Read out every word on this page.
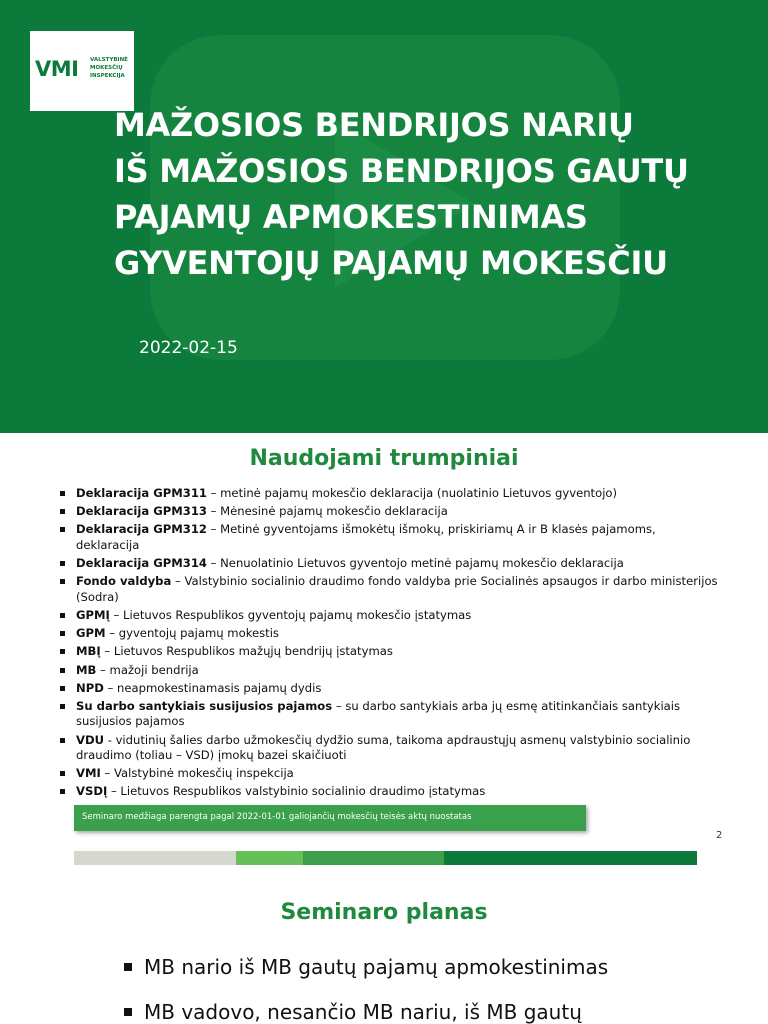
VMI VALSTYBINĖ
MOKESČIŲ
INSPEKCIJA
MAŽOSIOS BENDRIJOS NARIŲ
IŠ MAŽOSIOS BENDRIJOS GAUTŲ
PAJAMŲ APMOKESTINIMAS
GYVENTOJŲ PAJAMŲ MOKESČIU
2022-02-15
Naudojami trumpiniai
Deklaracija GPM311 – metinė pajamų mokesčio deklaracija (nuolatinio Lietuvos gyventojo)
Deklaracija GPM313 – Mėnesinė pajamų mokesčio deklaracija
Deklaracija GPM312 – Metinė gyventojams išmokėtų išmokų, priskiriamų A ir B klasės pajamoms, deklaracija
Deklaracija GPM314 – Nenuolatinio Lietuvos gyventojo metinė pajamų mokesčio deklaracija
Fondo valdyba – Valstybinio socialinio draudimo fondo valdyba prie Socialinės apsaugos ir darbo ministerijos (Sodra)
GPMĮ – Lietuvos Respublikos gyventojų pajamų mokesčio įstatymas
GPM – gyventojų pajamų mokestis
MBĮ – Lietuvos Respublikos mažųjų bendrijų įstatymas
MB – mažoji bendrija
NPD – neapmokestinamasis pajamų dydis
Su darbo santykiais susijusios pajamos – su darbo santykiais arba jų esmę atitinkančiais santykiais susijusios pajamos
VDU - vidutinių šalies darbo užmokesčių dydžio suma, taikoma apdraustųjų asmenų valstybinio socialinio draudimo (toliau – VSD) įmokų bazei skaičiuoti
VMI – Valstybinė mokesčių inspekcija
VSDĮ – Lietuvos Respublikos valstybinio socialinio draudimo įstatymas
Seminaro medžiaga parengta pagal 2022-01-01 galiojančių mokesčių teisės aktų nuostatas
2
Seminaro planas
MB nario iš MB gautų pajamų apmokestinimas
MB vadovo, nesančio MB nariu, iš MB gautų
